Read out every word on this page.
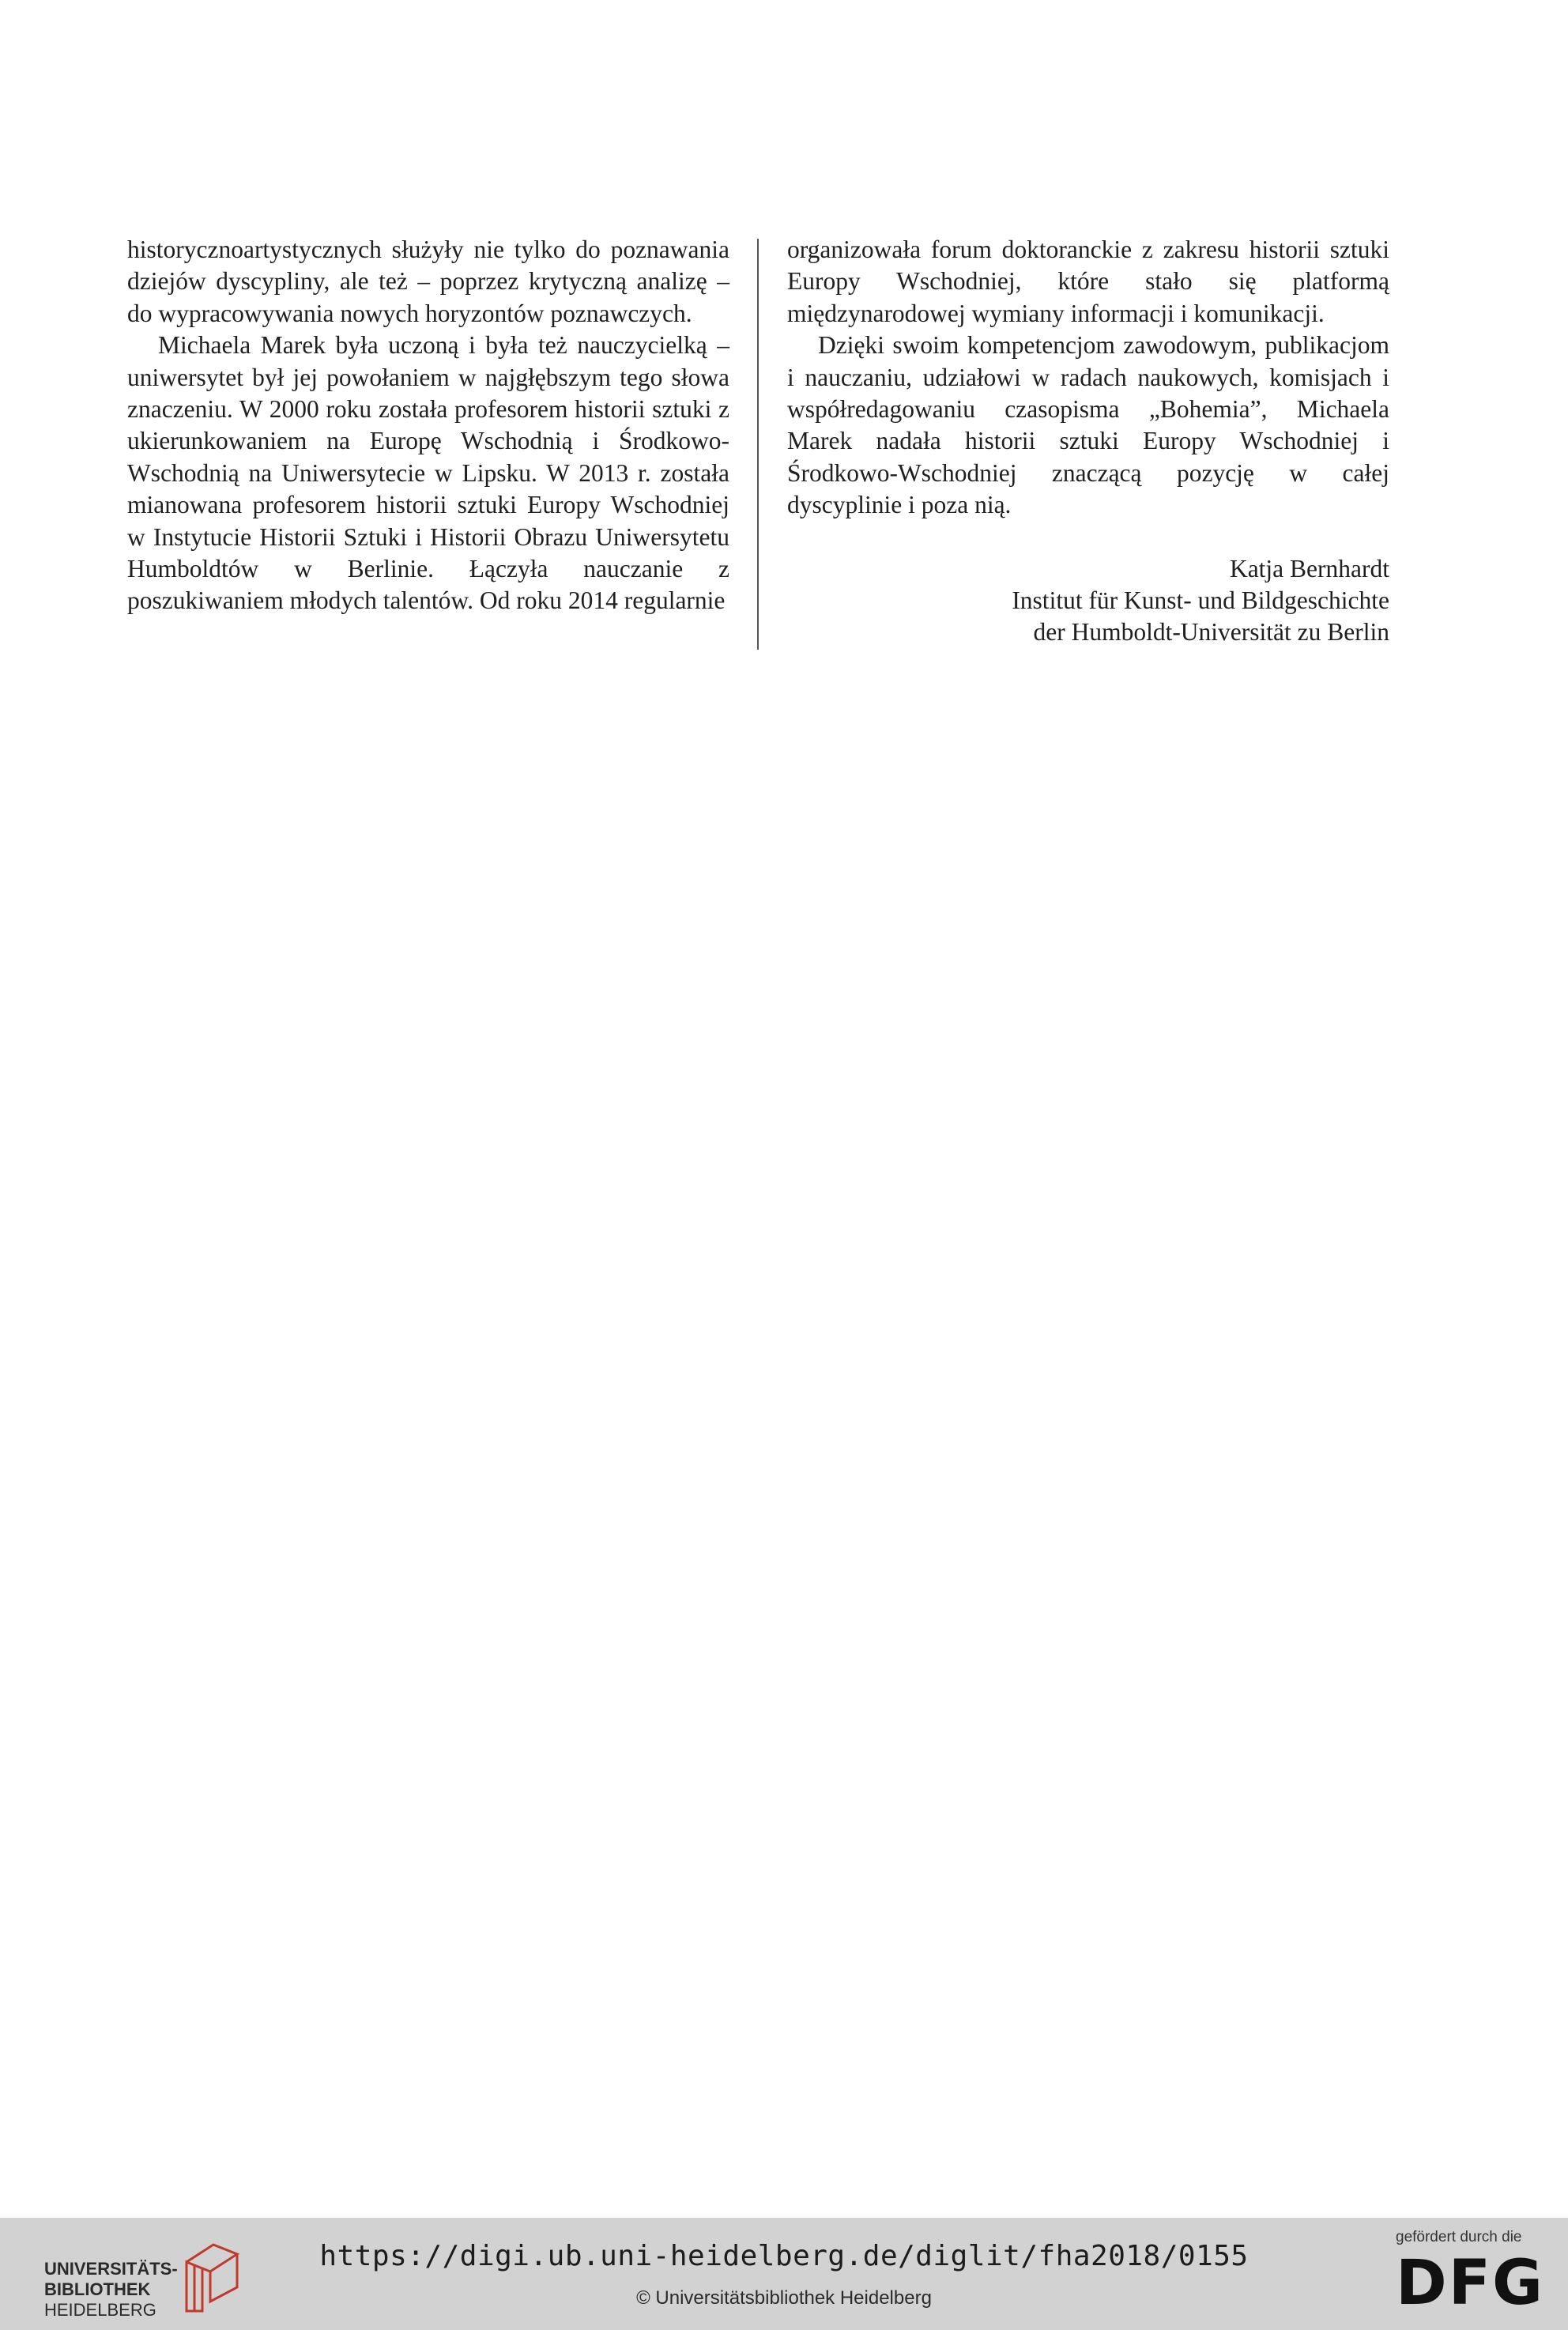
historycznoartystycznych służyły nie tylko do poznawania dziejów dyscypliny, ale też – poprzez krytyczną analizę – do wypracowywania nowych horyzontów poznawczych.

Michaela Marek była uczoną i była też nauczycielką – uniwersytet był jej powołaniem w najgłębszym tego słowa znaczeniu. W 2000 roku została profesorem historii sztuki z ukierunkowaniem na Europę Wschodnią i Środkowo-Wschodnią na Uniwersytecie w Lipsku. W 2013 r. została mianowana profesorem historii sztuki Europy Wschodniej w Instytucie Historii Sztuki i Historii Obrazu Uniwersytetu Humboldtów w Berlinie. Łączyła nauczanie z poszukiwaniem młodych talentów. Od roku 2014 regularnie

organizowała forum doktoranckie z zakresu historii sztuki Europy Wschodniej, które stało się platformą międzynarodowej wymiany informacji i komunikacji.

Dzięki swoim kompetencjom zawodowym, publikacjom i nauczaniu, udziałowi w radach naukowych, komisjach i współredagowaniu czasopisma „Bohemia”, Michaela Marek nadała historii sztuki Europy Wschodniej i Środkowo-Wschodniej znaczącą pozycję w całej dyscyplinie i poza nią.

Katja Bernhardt
Institut für Kunst- und Bildgeschichte
der Humboldt-Universität zu Berlin
UNIVERSITÄTS-
BIBLIOTHEK
HEIDELBERG
https://digi.ub.uni-heidelberg.de/diglit/fha2018/0155
© Universitätsbibliothek Heidelberg
gefördert durch die
DFG
